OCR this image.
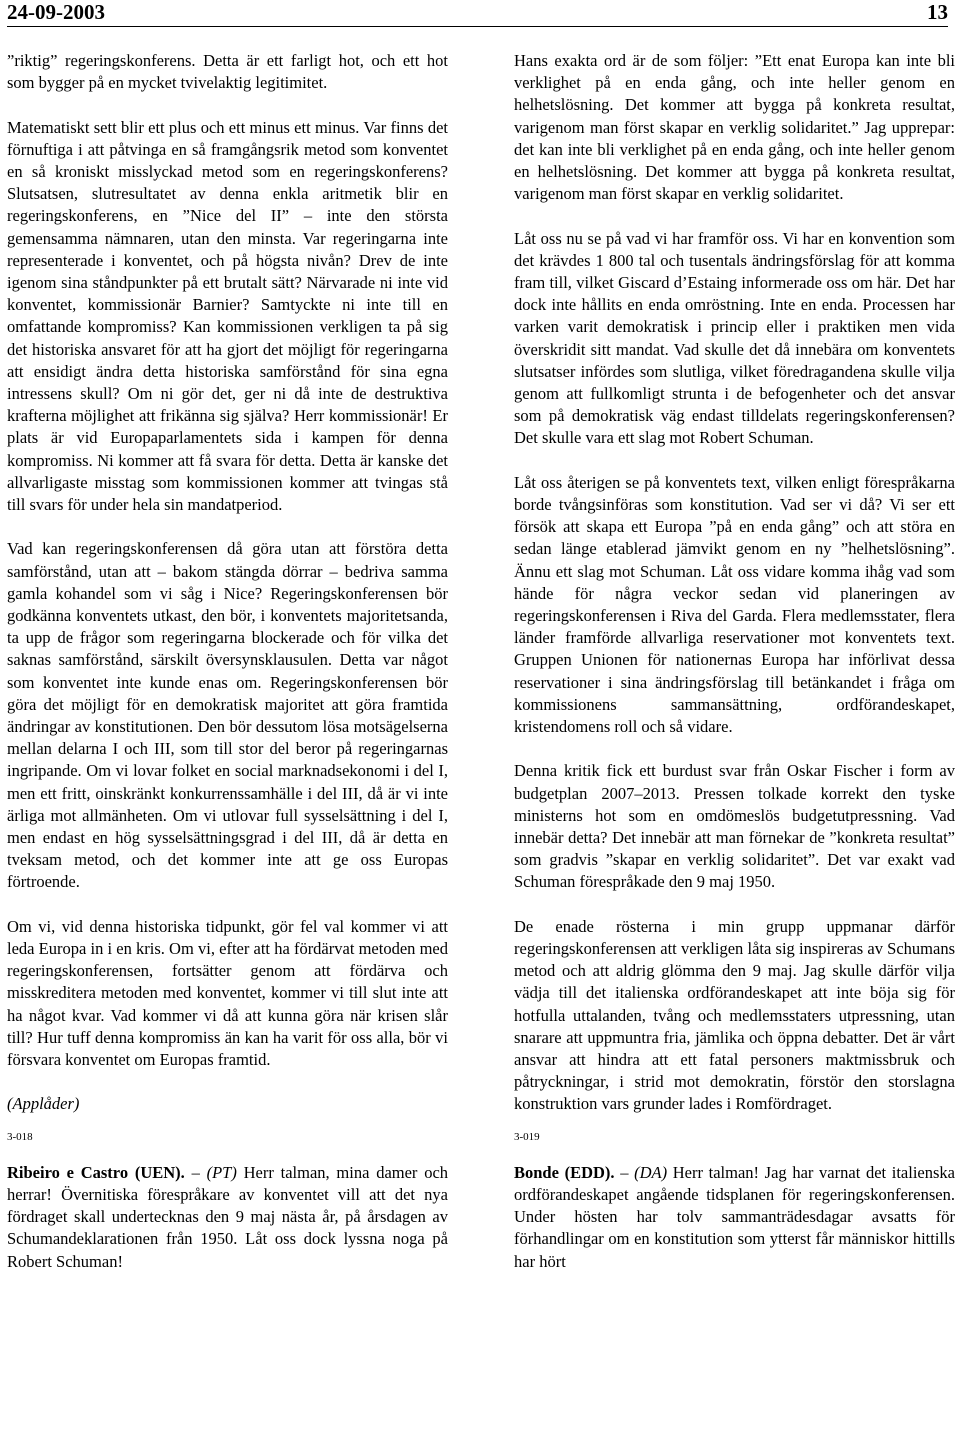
24-09-2003	13

”riktig” regeringskonferens. Detta är ett farligt hot, och ett hot som bygger på en mycket tvivelaktig legitimitet.

Matematiskt sett blir ett plus och ett minus ett minus. Var finns det förnuftiga i att påtvinga en så framgångsrik metod som konventet en så kroniskt misslyckad metod som en regeringskonferens? Slutsatsen, slutresultatet av denna enkla aritmetik blir en regeringskonferens, en ”Nice del II” – inte den största gemensamma nämnaren, utan den minsta. Var regeringarna inte representerade i konventet, och på högsta nivån? Drev de inte igenom sina ståndpunkter på ett brutalt sätt? Närvarade ni inte vid konventet, kommissionär Barnier? Samtyckte ni inte till en omfattande kompromiss? Kan kommissionen verkligen ta på sig det historiska ansvaret för att ha gjort det möjligt för regeringarna att ensidigt ändra detta historiska samförstånd för sina egna intressens skull? Om ni gör det, ger ni då inte de destruktiva krafterna möjlighet att frikänna sig själva? Herr kommissionär! Er plats är vid Europaparlamentets sida i kampen för denna kompromiss. Ni kommer att få svara för detta. Detta är kanske det allvarligaste misstag som kommissionen kommer att tvingas stå till svars för under hela sin mandatperiod.

Vad kan regeringskonferensen då göra utan att förstöra detta samförstånd, utan att – bakom stängda dörrar – bedriva samma gamla kohandel som vi såg i Nice? Regeringskonferensen bör godkänna konventets utkast, den bör, i konventets majoritetsanda, ta upp de frågor som regeringarna blockerade och för vilka det saknas samförstånd, särskilt översynsklausulen. Detta var något som konventet inte kunde enas om. Regeringskonferensen bör göra det möjligt för en demokratisk majoritet att göra framtida ändringar av konstitutionen. Den bör dessutom lösa motsägelserna mellan delarna I och III, som till stor del beror på regeringarnas ingripande. Om vi lovar folket en social marknadsekonomi i del I, men ett fritt, oinskränkt konkurrenssamhälle i del III, då är vi inte ärliga mot allmänheten. Om vi utlovar full sysselsättning i del I, men endast en hög sysselsättningsgrad i del III, då är detta en tveksam metod, och det kommer inte att ge oss Europas förtroende.

Om vi, vid denna historiska tidpunkt, gör fel val kommer vi att leda Europa in i en kris. Om vi, efter att ha fördärvat metoden med regeringskonferensen, fortsätter genom att fördärva och misskreditera metoden med konventet, kommer vi till slut inte att ha något kvar. Vad kommer vi då att kunna göra när krisen slår till? Hur tuff denna kompromiss än kan ha varit för oss alla, bör vi försvara konventet om Europas framtid.

(Applåder)

3-018

Ribeiro e Castro (UEN). – (PT) Herr talman, mina damer och herrar! Övernitiska förespråkare av konventet vill att det nya fördraget skall undertecknas den 9 maj nästa år, på årsdagen av Schumandeklarationen från 1950. Låt oss dock lyssna noga på Robert Schuman!

Hans exakta ord är de som följer: ”Ett enat Europa kan inte bli verklighet på en enda gång, och inte heller genom en helhetslösning. Det kommer att bygga på konkreta resultat, varigenom man först skapar en verklig solidaritet.” Jag upprepar: det kan inte bli verklighet på en enda gång, och inte heller genom en helhetslösning. Det kommer att bygga på konkreta resultat, varigenom man först skapar en verklig solidaritet.

Låt oss nu se på vad vi har framför oss. Vi har en konvention som det krävdes 1 800 tal och tusentals ändringsförslag för att komma fram till, vilket Giscard d’Estaing informerade oss om här. Det har dock inte hållits en enda omröstning. Inte en enda. Processen har varken varit demokratisk i princip eller i praktiken men vida överskridit sitt mandat. Vad skulle det då innebära om konventets slutsatser infördes som slutliga, vilket föredragandena skulle vilja genom att fullkomligt strunta i de befogenheter och det ansvar som på demokratisk väg endast tilldelats regeringskonferensen? Det skulle vara ett slag mot Robert Schuman.

Låt oss återigen se på konventets text, vilken enligt förespråkarna borde tvångsinföras som konstitution. Vad ser vi då? Vi ser ett försök att skapa ett Europa ”på en enda gång” och att störa en sedan länge etablerad jämvikt genom en ny ”helhetslösning”. Ännu ett slag mot Schuman. Låt oss vidare komma ihåg vad som hände för några veckor sedan vid planeringen av regeringskonferensen i Riva del Garda. Flera medlemsstater, flera länder framförde allvarliga reservationer mot konventets text. Gruppen Unionen för nationernas Europa har införlivat dessa reservationer i sina ändringsförslag till betänkandet i fråga om kommissionens sammansättning, ordförandeskapet, kristendomens roll och så vidare.

Denna kritik fick ett burdust svar från Oskar Fischer i form av budgetplan 2007–2013. Pressen tolkade korrekt den tyske ministerns hot som en omdömeslös budgetutpressning. Vad innebär detta? Det innebär att man förnekar de ”konkreta resultat” som gradvis ”skapar en verklig solidaritet”. Det var exakt vad Schuman förespråkade den 9 maj 1950.

De enade rösterna i min grupp uppmanar därför regeringskonferensen att verkligen låta sig inspireras av Schumans metod och att aldrig glömma den 9 maj. Jag skulle därför vilja vädja till det italienska ordförandeskapet att inte böja sig för hotfulla uttalanden, tvång och medlemsstaters utpressning, utan snarare att uppmuntra fria, jämlika och öppna debatter. Det är vårt ansvar att hindra att ett fatal personers maktmissbruk och påtryckningar, i strid mot demokratin, förstör den storslagna konstruktion vars grunder lades i Romfördraget.

3-019

Bonde (EDD). – (DA) Herr talman! Jag har varnat det italienska ordförandeskapet angående tidsplanen för regeringskonferensen. Under hösten har tolv sammanträdesdagar avsatts för förhandlingar om en konstitution som ytterst får människor hittills har hört
